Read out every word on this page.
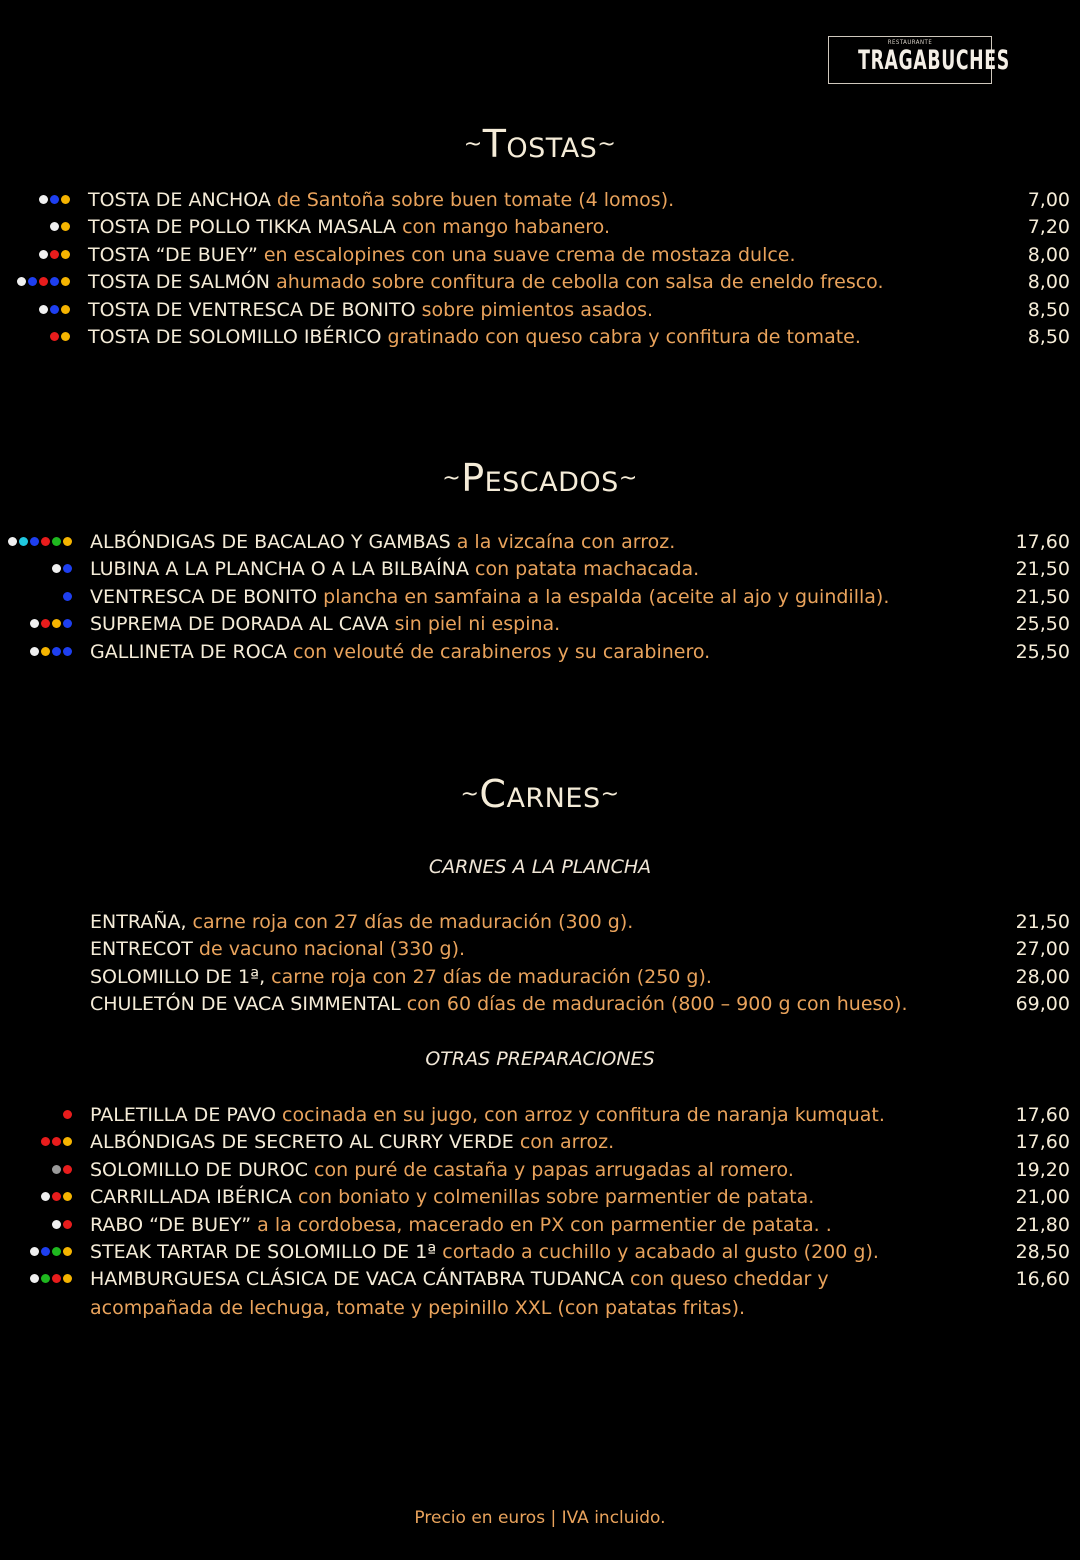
RESTAURANTE
TRAGABUCHES
~TOSTAS~
TOSTA DE ANCHOA de Santoña sobre buen tomate (4 lomos).	7,00
TOSTA DE POLLO TIKKA MASALA con mango habanero.	7,20
TOSTA “DE BUEY” en escalopines con una suave crema de mostaza dulce.	8,00
TOSTA DE SALMÓN ahumado sobre confitura de cebolla con salsa de eneldo fresco.	8,00
TOSTA DE VENTRESCA DE BONITO sobre pimientos asados.	8,50
TOSTA DE SOLOMILLO IBÉRICO gratinado con queso cabra y confitura de tomate.	8,50
~PESCADOS~
ALBÓNDIGAS DE BACALAO Y GAMBAS a la vizcaína con arroz.	17,60
LUBINA A LA PLANCHA O A LA BILBAÍNA con patata machacada.	21,50
VENTRESCA DE BONITO plancha en samfaina a la espalda (aceite al ajo y guindilla).	21,50
SUPREMA DE DORADA AL CAVA sin piel ni espina.	25,50
GALLINETA DE ROCA con velouté de carabineros y su carabinero.	25,50
~CARNES~
CARNES A LA PLANCHA
ENTRAÑA, carne roja con 27 días de maduración (300 g).	21,50
ENTRECOT de vacuno nacional (330 g).	27,00
SOLOMILLO DE 1ª, carne roja con 27 días de maduración (250 g).	28,00
CHULETÓN DE VACA SIMMENTAL con 60 días de maduración (800 – 900 g con hueso).	69,00
OTRAS PREPARACIONES
PALETILLA DE PAVO cocinada en su jugo, con arroz y confitura de naranja kumquat.	17,60
ALBÓNDIGAS DE SECRETO AL CURRY VERDE con arroz.	17,60
SOLOMILLO DE DUROC con puré de castaña y papas arrugadas al romero.	19,20
CARRILLADA IBÉRICA con boniato y colmenillas sobre parmentier de patata.	21,00
RABO “DE BUEY” a la cordobesa, macerado en PX con parmentier de patata. .	21,80
STEAK TARTAR DE SOLOMILLO DE 1ª cortado a cuchillo y acabado al gusto (200 g).	28,50
HAMBURGUESA CLÁSICA DE VACA CÁNTABRA TUDANCA con queso cheddar y	16,60
acompañada de lechuga, tomate y pepinillo XXL (con patatas fritas).
Precio en euros | IVA incluido.
